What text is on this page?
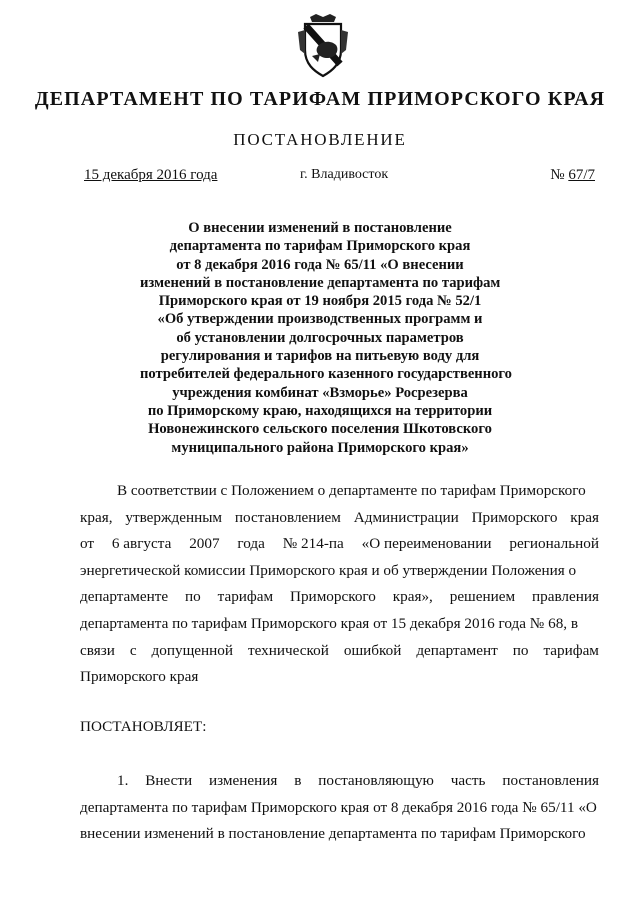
ДЕПАРТАМЕНТ ПО ТАРИФАМ ПРИМОРСКОГО КРАЯ
ПОСТАНОВЛЕНИЕ
15 декабря 2016 года	г. Владивосток	№ 67/7
О внесении изменений в постановление
департамента по тарифам Приморского края
от 8 декабря 2016 года № 65/11 «О внесении
изменений в постановление департамента по тарифам
Приморского края от 19 ноября 2015 года № 52/1
«Об утверждении производственных программ и
об установлении долгосрочных параметров
регулирования и тарифов на питьевую воду для
потребителей федерального казенного государственного
учреждения комбинат «Взморье» Росрезерва
по Приморскому краю, находящихся на территории
Новонежинского сельского поселения Шкотовского
муниципального района Приморского края»
В соответствии с Положением о департаменте по тарифам Приморского
края, утвержденным постановлением Администрации Приморского края
от 6 августа 2007 года № 214-па «О переименовании региональной
энергетической комиссии Приморского края и об утверждении Положения о
департаменте по тарифам Приморского края», решением правления
департамента по тарифам Приморского края от 15 декабря 2016 года № 68, в
связи с допущенной технической ошибкой департамент по тарифам
Приморского края
ПОСТАНОВЛЯЕТ:
1. Внести изменения в постановляющую часть постановления
департамента по тарифам Приморского края от 8 декабря 2016 года № 65/11 «О
внесении изменений в постановление департамента по тарифам Приморского
